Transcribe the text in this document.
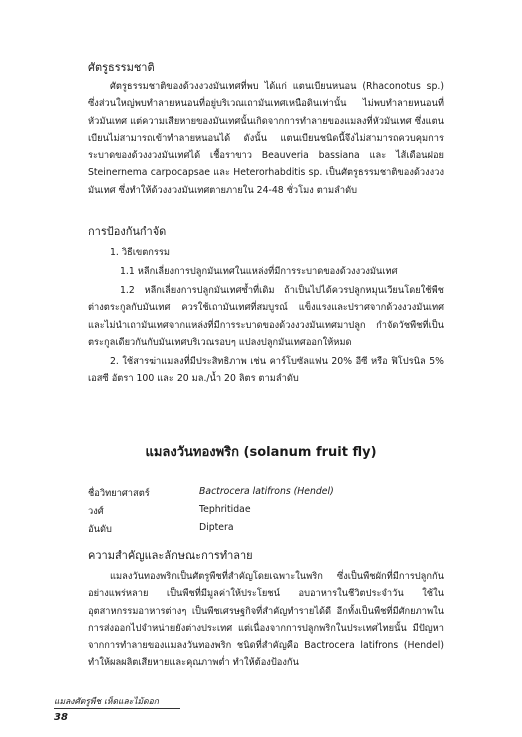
ศัตรูธรรมชาติ

ศัตรูธรรมชาติของด้วงงวงมันเทศที่พบ ได้แก่ แตนเบียนหนอน (Rhaconotus sp.) ซึ่งส่วนใหญ่พบทำลายหนอนที่อยู่บริเวณเถามันเทศเหนือดินเท่านั้น ไม่พบทำลายหนอนที่หัวมันเทศ แต่ความเสียหายของมันเทศนั้นเกิดจากการทำลายของแมลงที่หัวมันเทศ ซึ่งแตนเบียนไม่สามารถเข้าทำลายหนอนได้ ดังนั้น แตนเบียนชนิดนี้จึงไม่สามารถควบคุมการระบาดของด้วงงวงมันเทศได้ เชื้อราขาว Beauveria bassiana และ ไส้เดือนฝอย Steinernema carpocapsae และ Heterorhabditis sp. เป็นศัตรูธรรมชาติของด้วงงวงมันเทศ ซึ่งทำให้ด้วงงวงมันเทศตายภายใน 24-48 ชั่วโมง ตามลำดับ

การป้องกันกำจัด

1. วิธีเขตกรรม

1.1 หลีกเลี่ยงการปลูกมันเทศในแหล่งที่มีการระบาดของด้วงงวงมันเทศ

1.2 หลีกเลี่ยงการปลูกมันเทศซ้ำที่เดิม ถ้าเป็นไปได้ควรปลูกหมุนเวียนโดยใช้พืชต่างตระกูลกับมันเทศ ควรใช้เถามันเทศที่สมบูรณ์ แข็งแรงและปราศจากด้วงงวงมันเทศ และไม่นำเถามันเทศจากแหล่งที่มีการระบาดของด้วงงวงมันเทศมาปลูก กำจัดวัชพืชที่เป็นตระกูลเดียวกันกับมันเทศบริเวณรอบๆ แปลงปลูกมันเทศออกให้หมด

2. ใช้สารฆ่าแมลงที่มีประสิทธิภาพ เช่น คาร์โบซัลแฟน 20% อีซี หรือ ฟิโปรนิล 5% เอสซี อัตรา 100 และ 20 มล./น้ำ 20 ลิตร ตามลำดับ

แมลงวันทองพริก (solanum fruit fly)
ชื่อวิทยาศาสตร์	Bactrocera latifrons (Hendel)
วงศ์	Tephritidae
อันดับ	Diptera
ความสำคัญและลักษณะการทำลาย

แมลงวันทองพริกเป็นศัตรูพืชที่สำคัญโดยเฉพาะในพริก ซึ่งเป็นพืชผักที่มีการปลูกกันอย่างแพร่หลาย เป็นพืชที่มีมูลค่าให้ประโยชน์ อบอาหารในชีวิตประจำวัน ใช้ในอุตสาหกรรมอาหารต่างๆ เป็นพืชเศรษฐกิจที่สำคัญทำรายได้ดี อีกทั้งเป็นพืชที่มีศักยภาพในการส่งออกไปจำหน่ายยังต่างประเทศ แต่เนื่องจากการปลูกพริกในประเทศไทยนั้น มีปัญหาจากการทำลายของแมลงวันทองพริก ชนิดที่สำคัญคือ Bactrocera latifrons (Hendel) ทำให้ผลผลิตเสียหายและคุณภาพต่ำ ทำให้ต้องป้องกัน

แมลงศัตรูพืช เห็ดและไม้ดอก

38
